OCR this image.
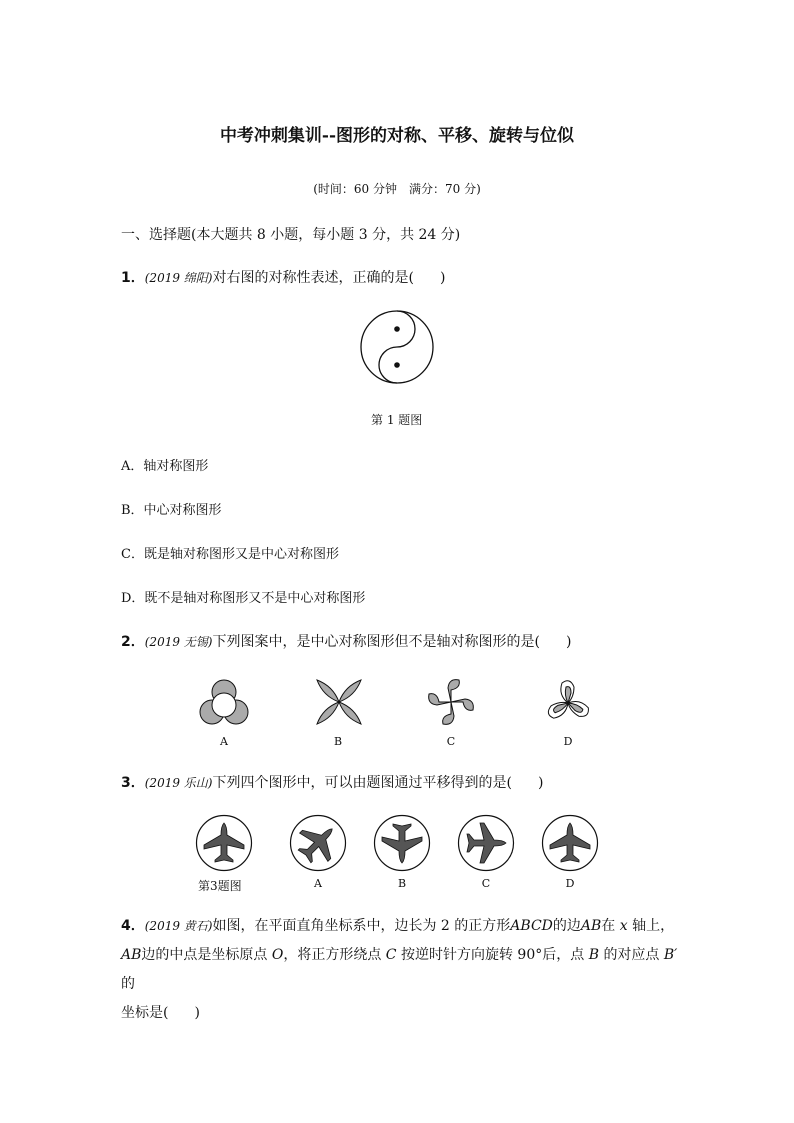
中考冲刺集训--图形的对称、平移、旋转与位似
(时间：60 分钟　满分：70 分)
一、选择题(本大题共 8 小题，每小题 3 分，共 24 分)
1．(2019 绵阳)对右图的对称性表述，正确的是( )
第 1 题图
A．轴对称图形
B．中心对称图形
C．既是轴对称图形又是中心对称图形
D．既不是轴对称图形又不是中心对称图形
2．(2019 无锡)下列图案中，是中心对称图形但不是轴对称图形的是( )
A	B	C	D
3．(2019 乐山)下列四个图形中，可以由题图通过平移得到的是( )
第3题图	A	B	C	D
4．(2019 黄石)如图，在平面直角坐标系中，边长为 2 的正方形ABCD的边AB在 x 轴上，
AB边的中点是坐标原点 O，将正方形绕点 C 按逆时针方向旋转 90°后，点 B 的对应点 B′的
坐标是( )
